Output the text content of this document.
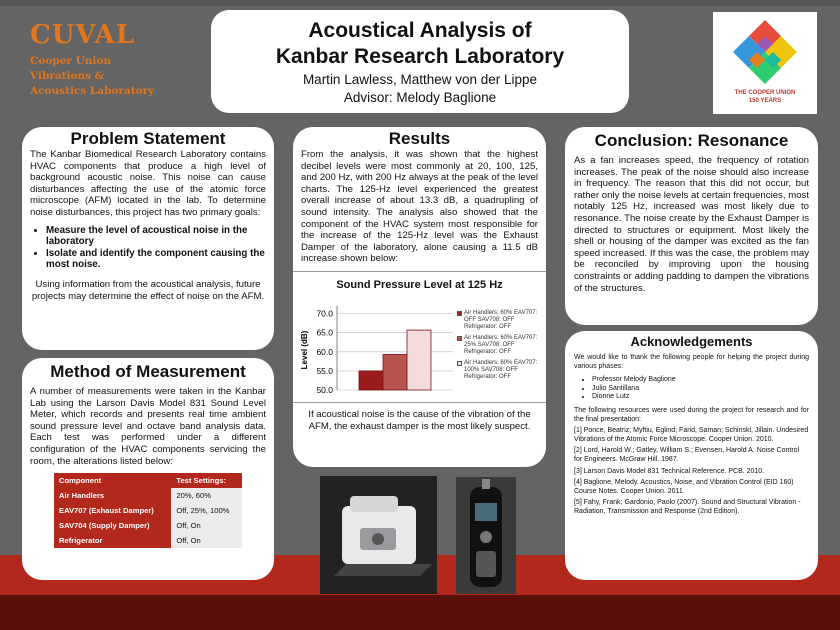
CUVAL
Cooper Union
Vibrations &
Acoustics Laboratory
Acoustical Analysis of
Kanbar Research Laboratory
Martin Lawless, Matthew von der Lippe
Advisor: Melody Baglione	THE COOPER UNION
150 YEARS
Problem Statement

The Kanbar Biomedical Research Laboratory contains HVAC components that produce a high level of background acoustic noise. This noise can cause disturbances affecting the use of the atomic force microscope (AFM) located in the lab. To determine noise disturbances, this project has two primary goals:

• Measure the level of acoustical noise in the laboratory
• Isolate and identify the component causing the most noise.

Using information from the acoustical analysis, future projects may determine the effect of noise on the AFM.

Method of Measurement

A number of measurements were taken in the Kanbar Lab using the Larson Davis Model 831 Sound Level Meter, which records and presents real time ambient sound pressure level and octave band analysis data. Each test was performed under a different configuration of the HVAC components servicing the room, the alterations listed below:

Component	Test Settings:
Air Handlers	20%, 60%
EAV707 (Exhaust Damper)	Off, 25%, 100%
SAV704 (Supply Damper)	Off, On
Refrigerator	Off, On
Results

From the analysis, it was shown that the highest decibel levels were most commonly at 20, 100, 125, and 200 Hz, with 200 Hz always at the peak of the level charts. The 125-Hz level experienced the greatest overall increase of about 13.3 dB, a quadrupling of sound intensity. The analysis also showed that the component of the HVAC system most responsible for the increase of the 125-Hz level was the Exhaust Damper of the laboratory, alone causing a 11.5 dB increase shown below:

Sound Pressure Level at 125 Hz
Level (dB)
50.0
55.0
60.0
65.0
70.0	Air Handlers: 60% EAV707: OFF SAV708: OFF Refrigerator: OFF
Air Handlers: 60% EAV707: 25% SAV708: OFF Refrigerator: OFF
Air Handlers: 60% EAV707: 100% SAV708: OFF Refrigerator: OFF

If acoustical noise is the cause of the vibration of the AFM, the exhaust damper is the most likely suspect.

Conclusion: Resonance

As a fan increases speed, the frequency of rotation increases. The peak of the noise should also increase in frequency. The reason that this did not occur, but rather only the noise levels at certain frequencies, most notably 125 Hz, increased was most likely due to resonance. The noise create by the Exhaust Damper is directed to structures or equipment. Most likely the shell or housing of the damper was excited as the fan speed increased. If this was the case, the problem may be reconciled by improving upon the housing constraints or adding padding to dampen the vibrations of the structures.

Acknowledgements

We would like to thank the following people for helping the project during various phases:

• Professor Melody Baglione
• Julio Santillana
• Dionne Lutz

The following resources were used during the project for research and for the final presentation:

[1] Ponce, Beatriz; Myftiu, Eglind; Farid, Saman; Schinski, Jillain. Undesired Vibrations of the Atomic Force Microscope. Cooper Union. 2010.

[2] Lord, Harold W.; Gatley, William S.; Evensen, Harold A. Noise Control for Engineers. McGraw Hill. 1987.

[3] Larson Davis Model 831 Technical Reference. PCB. 2010.

[4] Baglione, Melody. Acoustics, Noise, and Vibration Control (EID 160) Course Notes. Cooper Union. 2011.

[5] Fahy, Frank; Gardonio, Paolo (2007). Sound and Structural Vibration - Radiation, Transmission and Response (2nd Edition).
